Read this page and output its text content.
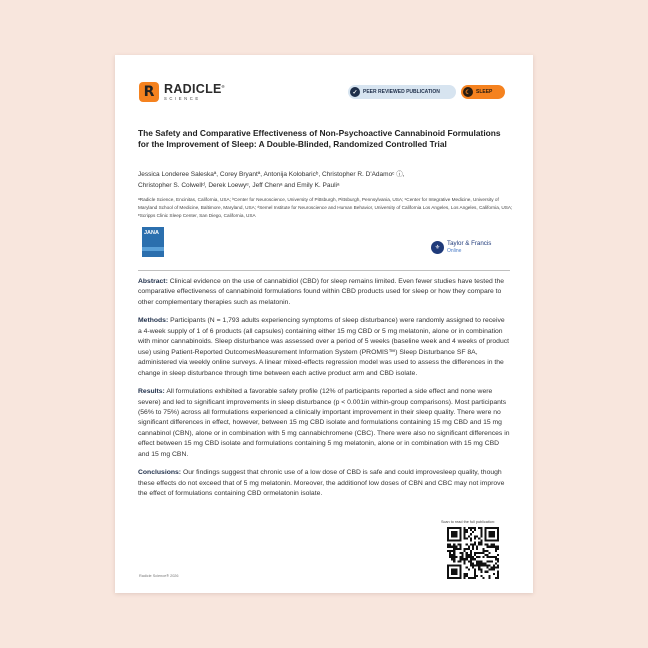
R RADICLE®
SCIENCE
✓	PEER REVIEWED PUBLICATION	☾	SLEEP
The Safety and Comparative Effectiveness of Non-Psychoactive Cannabinoid Formulations for the Improvement of Sleep: A Double-Blinded, Randomized Controlled Trial
Jessica Londeree Saleskaª, Corey Bryantª, Antonija Kolobaricᵇ, Christopher R. D'Adamoᶜ ⓘ,
Christopher S. Colwellᵈ, Derek Loewyᵉ, Jeff Chenᵃ and Emily K. Pauliᵃ
ᵃRadicle Science, Encinitas, California, USA; ᵇCenter for Neuroscience, University of Pittsburgh, Pittsburgh, Pennsylvania, USA; ᶜCenter for Integrative Medicine, University of Maryland School of Medicine, Baltimore, Maryland, USA; ᵈSemel Institute for Neuroscience and Human Behavior, University of California Los Angeles, Los Angeles, California, USA; ᵉScripps Clinic Sleep Center, San Diego, California, USA
JANA
⚜
Taylor & Francis
Online

Abstract: Clinical evidence on the use of cannabidiol (CBD) for sleep remains limited. Even fewer studies have tested the comparative effectiveness of cannabinoid formulations found within CBD products used for sleep or how they compare to other complementary therapies such as melatonin.

Methods: Participants (N = 1,793 adults experiencing symptoms of sleep disturbance) were randomly assigned to receive a 4-week supply of 1 of 6 products (all capsules) containing either 15 mg CBD or 5 mg melatonin, alone or in combination with minor cannabinoids. Sleep disturbance was assessed over a period of 5 weeks (baseline week and 4 weeks of product use) using Patient-Reported OutcomesMeasurement Information System (PROMIS™) Sleep Disturbance SF 8A, administered via weekly online surveys. A linear mixed-effects regression model was used to assess the differences in the change in sleep disturbance through time between each active product arm and CBD isolate.

Results: All formulations exhibited a favorable safety profile (12% of participants reported a side effect and none were severe) and led to significant improvements in sleep disturbance (p < 0.001in within-group comparisons). Most participants (56% to 75%) across all formulations experienced a clinically important improvement in their sleep quality. There were no significant differences in effect, however, between 15 mg CBD isolate and formulations containing 15 mg CBD and 15 mg cannabinol (CBN), alone or in combination with 5 mg cannabichromene (CBC). There were also no significant differences in effect between 15 mg CBD isolate and formulations containing 5 mg melatonin, alone or in combination with 15 mg CBD and 15 mg CBN.

Conclusions: Our findings suggest that chronic use of a low dose of CBD is safe and could improvesleep quality, though these effects do not exceed that of 5 mg melatonin. Moreover, the additionof low doses of CBN and CBC may not improve the effect of formulations containing CBD ormelatonin isolate.

Scan to read the full publication:
Radicle Science® 2026
